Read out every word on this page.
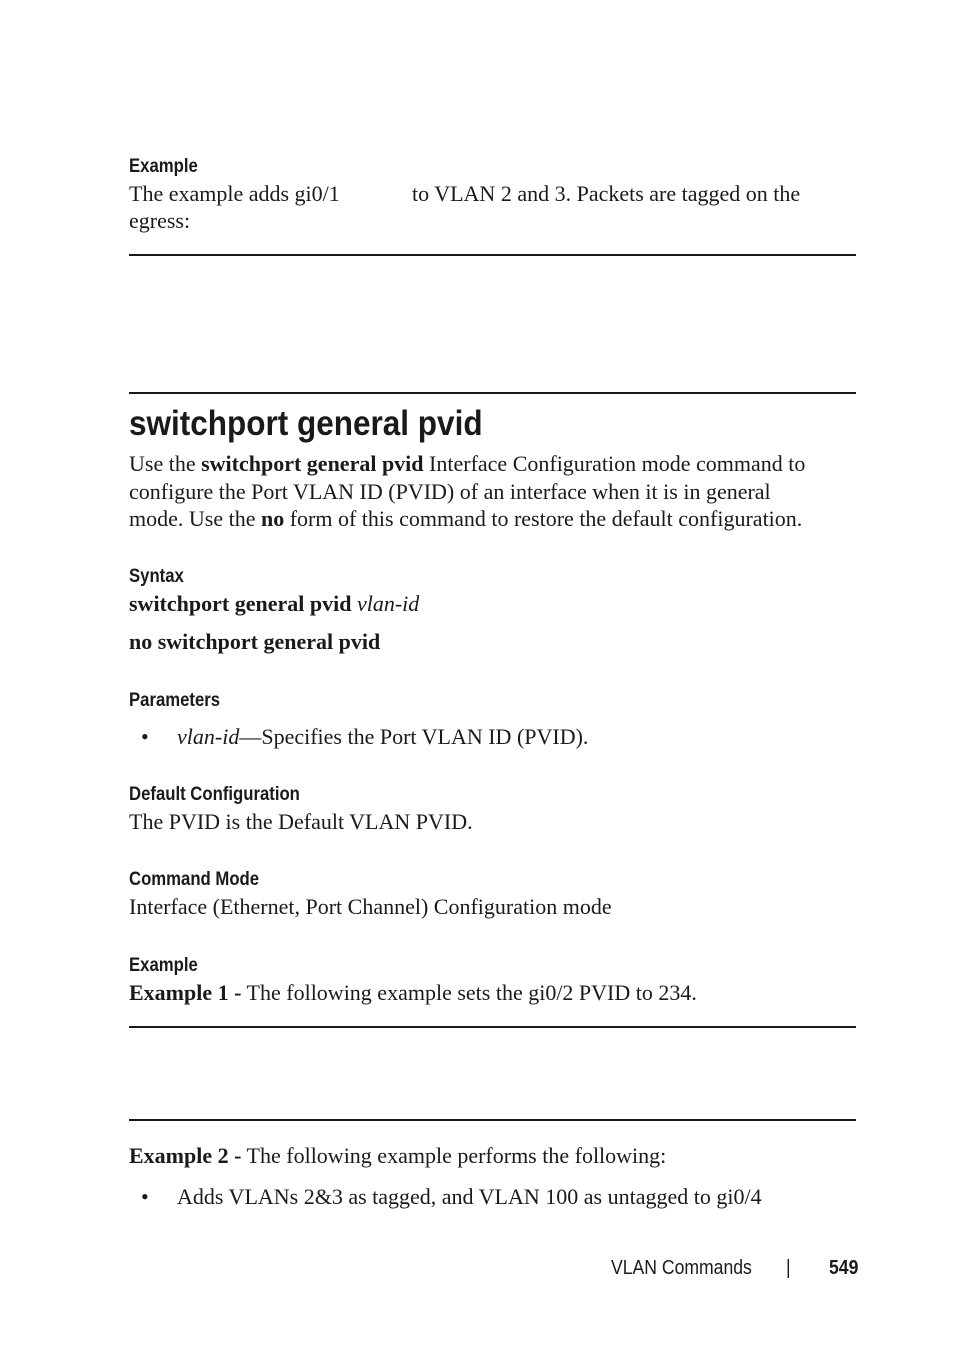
Example
The example adds gi0/1	to VLAN 2 and 3. Packets are tagged on the
egress:
switchport general pvid
Use the switchport general pvid Interface Configuration mode command to
configure the Port VLAN ID (PVID) of an interface when it is in general
mode. Use the no form of this command to restore the default configuration.
Syntax
switchport general pvid vlan-id
no switchport general pvid
Parameters
• vlan-id—Specifies the Port VLAN ID (PVID).
Default Configuration
The PVID is the Default VLAN PVID.
Command Mode
Interface (Ethernet, Port Channel) Configuration mode
Example
Example 1 - The following example sets the gi0/2 PVID to 234.
Example 2 - The following example performs the following:
• Adds VLANs 2&3 as tagged, and VLAN 100 as untagged to gi0/4
VLAN Commands | 549
